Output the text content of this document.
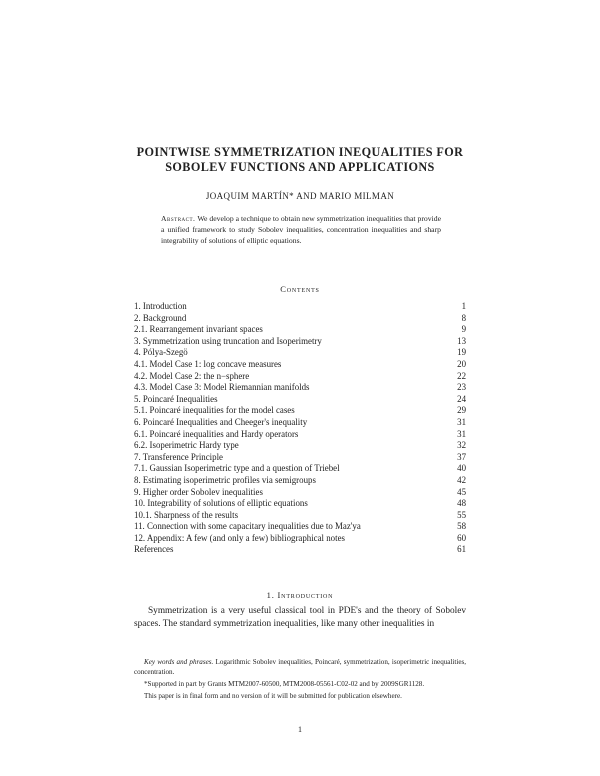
POINTWISE SYMMETRIZATION INEQUALITIES FOR
SOBOLEV FUNCTIONS AND APPLICATIONS
JOAQUIM MARTÍN* AND MARIO MILMAN
Abstract. We develop a technique to obtain new symmetrization inequalities that provide a unified framework to study Sobolev inequalities, concentration inequalities and sharp integrability of solutions of elliptic equations.
Contents
1. Introduction	1
2. Background	8
2.1. Rearrangement invariant spaces	9
3. Symmetrization using truncation and Isoperimetry	13
4. Pólya-Szegö	19
4.1. Model Case 1: log concave measures	20
4.2. Model Case 2: the n−sphere	22
4.3. Model Case 3: Model Riemannian manifolds	23
5. Poincaré Inequalities	24
5.1. Poincaré inequalities for the model cases	29
6. Poincaré Inequalities and Cheeger's inequality	31
6.1. Poincaré inequalities and Hardy operators	31
6.2. Isoperimetric Hardy type	32
7. Transference Principle	37
7.1. Gaussian Isoperimetric type and a question of Triebel	40
8. Estimating isoperimetric profiles via semigroups	42
9. Higher order Sobolev inequalities	45
10. Integrability of solutions of elliptic equations	48
10.1. Sharpness of the results	55
11. Connection with some capacitary inequalities due to Maz'ya	58
12. Appendix: A few (and only a few) bibliographical notes	60
References	61
1. Introduction
Symmetrization is a very useful classical tool in PDE's and the theory of Sobolev spaces. The standard symmetrization inequalities, like many other inequalities in

Key words and phrases. Logarithmic Sobolev inequalities, Poincaré, symmetrization, isoperimetric inequalities, concentration.

*Supported in part by Grants MTM2007-60500, MTM2008-05561-C02-02 and by 2009SGR1128.

This paper is in final form and no version of it will be submitted for publication elsewhere.

1
